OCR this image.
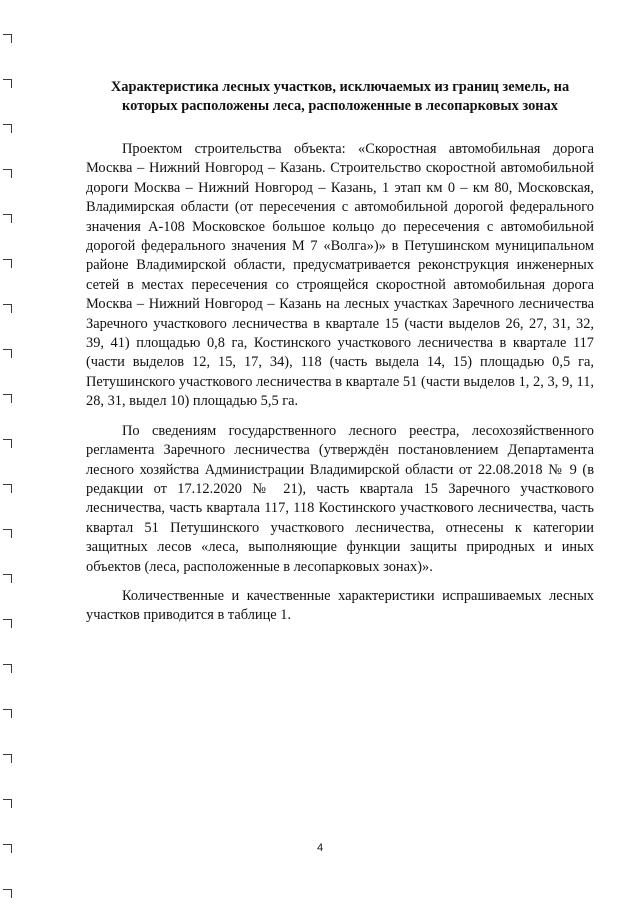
Характеристика лесных участков, исключаемых из границ земель, на которых расположены леса, расположенные в лесопарковых зонах

Проектом строительства объекта: «Скоростная автомобильная дорога Москва – Нижний Новгород – Казань. Строительство скоростной автомобильной дороги Москва – Нижний Новгород – Казань, 1 этап км 0 – км 80, Московская, Владимирская области (от пересечения с автомобильной дорогой федерального значения А-108 Московское большое кольцо до пересечения с автомобильной дорогой федерального значения М 7 «Волга»)» в Петушинском муниципальном районе Владимирской области, предусматривается реконструкция инженерных сетей в местах пересечения со строящейся скоростной автомобильная дорога Москва – Нижний Новгород – Казань на лесных участках Заречного лесничества Заречного участкового лесничества в квартале 15 (части выделов 26, 27, 31, 32, 39, 41) площадью 0,8 га, Костинского участкового лесничества в квартале 117 (части выделов 12, 15, 17, 34), 118 (часть выдела 14, 15) площадью 0,5 га, Петушинского участкового лесничества в квартале 51 (части выделов 1, 2, 3, 9, 11, 28, 31, выдел 10) площадью 5,5 га.

По сведениям государственного лесного реестра, лесохозяйственного регламента Заречного лесничества (утверждён постановлением Департамента лесного хозяйства Администрации Владимирской области от 22.08.2018 № 9 (в редакции от 17.12.2020 № 21), часть квартала 15 Заречного участкового лесничества, часть квартала 117, 118 Костинского участкового лесничества, часть квартал 51 Петушинского участкового лесничества, отнесены к категории защитных лесов «леса, выполняющие функции защиты природных и иных объектов (леса, расположенные в лесопарковых зонах)».

Количественные и качественные характеристики испрашиваемых лесных участков приводится в таблице 1.

4
